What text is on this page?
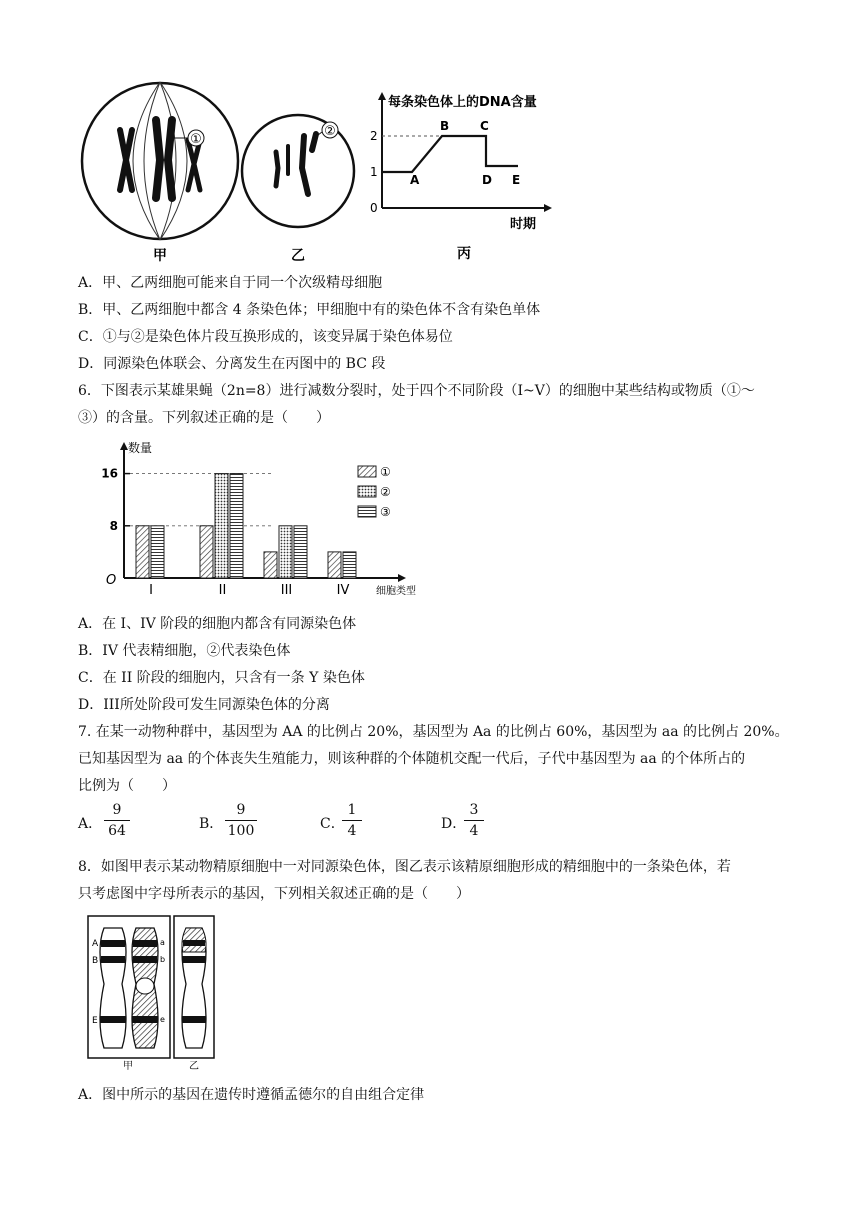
①
甲
②
乙
每条染色体上的DNA含量
2
1
0
A
B	C
D E
时期
丙
A．甲、乙两细胞可能来自于同一个次级精母细胞
B．甲、乙两细胞中都含 4 条染色体；甲细胞中有的染色体不含有染色单体
C．①与②是染色体片段互换形成的，该变异属于染色体易位
D．同源染色体联会、分离发生在丙图中的 BC 段
6．下图表示某雄果蝇（2n=8）进行减数分裂时，处于四个不同阶段（I~V）的细胞中某些结构或物质（①～
③）的含量。下列叙述正确的是（　　）
数量
细胞类型
O
8
16
I	II	III	IV
①
②
③
A．在 I、IV 阶段的细胞内都含有同源染色体
B．IV 代表精细胞，②代表染色体
C．在 II 阶段的细胞内，只含有一条 Y 染色体
D．III所处阶段可发生同源染色体的分离
7. 在某一动物种群中，基因型为 AA 的比例占 20%，基因型为 Aa 的比例占 60%，基因型为 aa 的比例占 20%。
已知基因型为 aa 的个体丧失生殖能力，则该种群的个体随机交配一代后，子代中基因型为 aa 的个体所占的
比例为（　　）
A．
9
64	B．
9
100	C．
1
4	D．
3
4
8．如图甲表示某动物精原细胞中一对同源染色体，图乙表示该精原细胞形成的精细胞中的一条染色体，若
只考虑图中字母所表示的基因，下列相关叙述正确的是（　　）
A
B
E
a
b
e
甲	乙
A．图中所示的基因在遗传时遵循孟德尔的自由组合定律
